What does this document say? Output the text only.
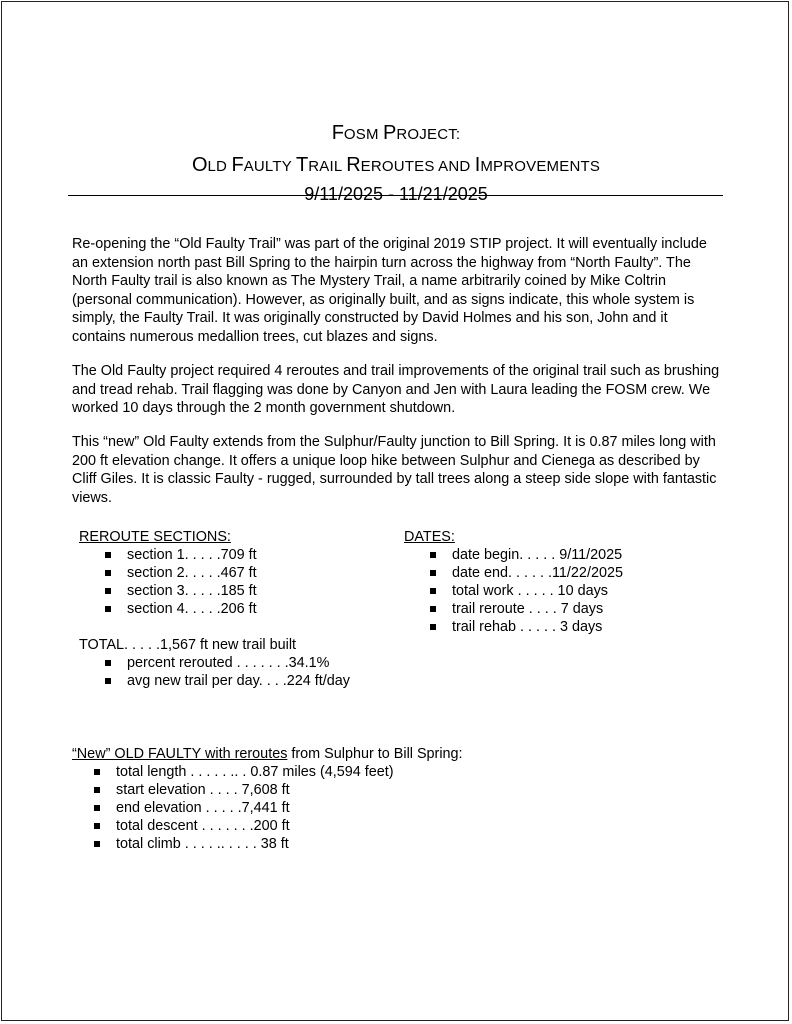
FOSM PROJECT:

OLD FAULTY TRAIL REROUTES AND IMPROVEMENTS

9/11/2025 - 11/21/2025

Re-opening the “Old Faulty Trail” was part of the original 2019 STIP project. It will eventually include an extension north past Bill Spring to the hairpin turn across the highway from “North Faulty”. The North Faulty trail is also known as The Mystery Trail, a name arbitrarily coined by Mike Coltrin (personal communication). However, as originally built, and as signs indicate, this whole system is simply, the Faulty Trail. It was originally constructed by David Holmes and his son, John and it contains numerous medallion trees, cut blazes and signs.

The Old Faulty project required 4 reroutes and trail improvements of the original trail such as brushing and tread rehab. Trail flagging was done by Canyon and Jen with Laura leading the FOSM crew. We worked 10 days through the 2 month government shutdown.

This “new” Old Faulty extends from the Sulphur/Faulty junction to Bill Spring. It is 0.87 miles long with 200 ft elevation change. It offers a unique loop hike between Sulphur and Cienega as described by Cliff Giles. It is classic Faulty - rugged, surrounded by tall trees along a steep side slope with fantastic views.

REROUTE SECTIONS:

section 1. . . . .709 ft
section 2. . . . .467 ft
section 3. . . . .185 ft
section 4. . . . .206 ft

TOTAL. . . . .1,567 ft new trail built

percent rerouted . . . . . . .34.1%
avg new trail per day. . . .224 ft/day

DATES:

date begin. . . . . 9/11/2025
date end. . . . . .11/22/2025
total work . . . . . 10 days
trail reroute . . . . 7 days
trail rehab . . . . . 3 days

“New” OLD FAULTY with reroutes from Sulphur to Bill Spring:

total length . . . . . .. . 0.87 miles (4,594 feet)
start elevation . . . . 7,608 ft
end elevation . . . . .7,441 ft
total descent . . . . . . .200 ft
total climb . . . . .. . . . . 38 ft
